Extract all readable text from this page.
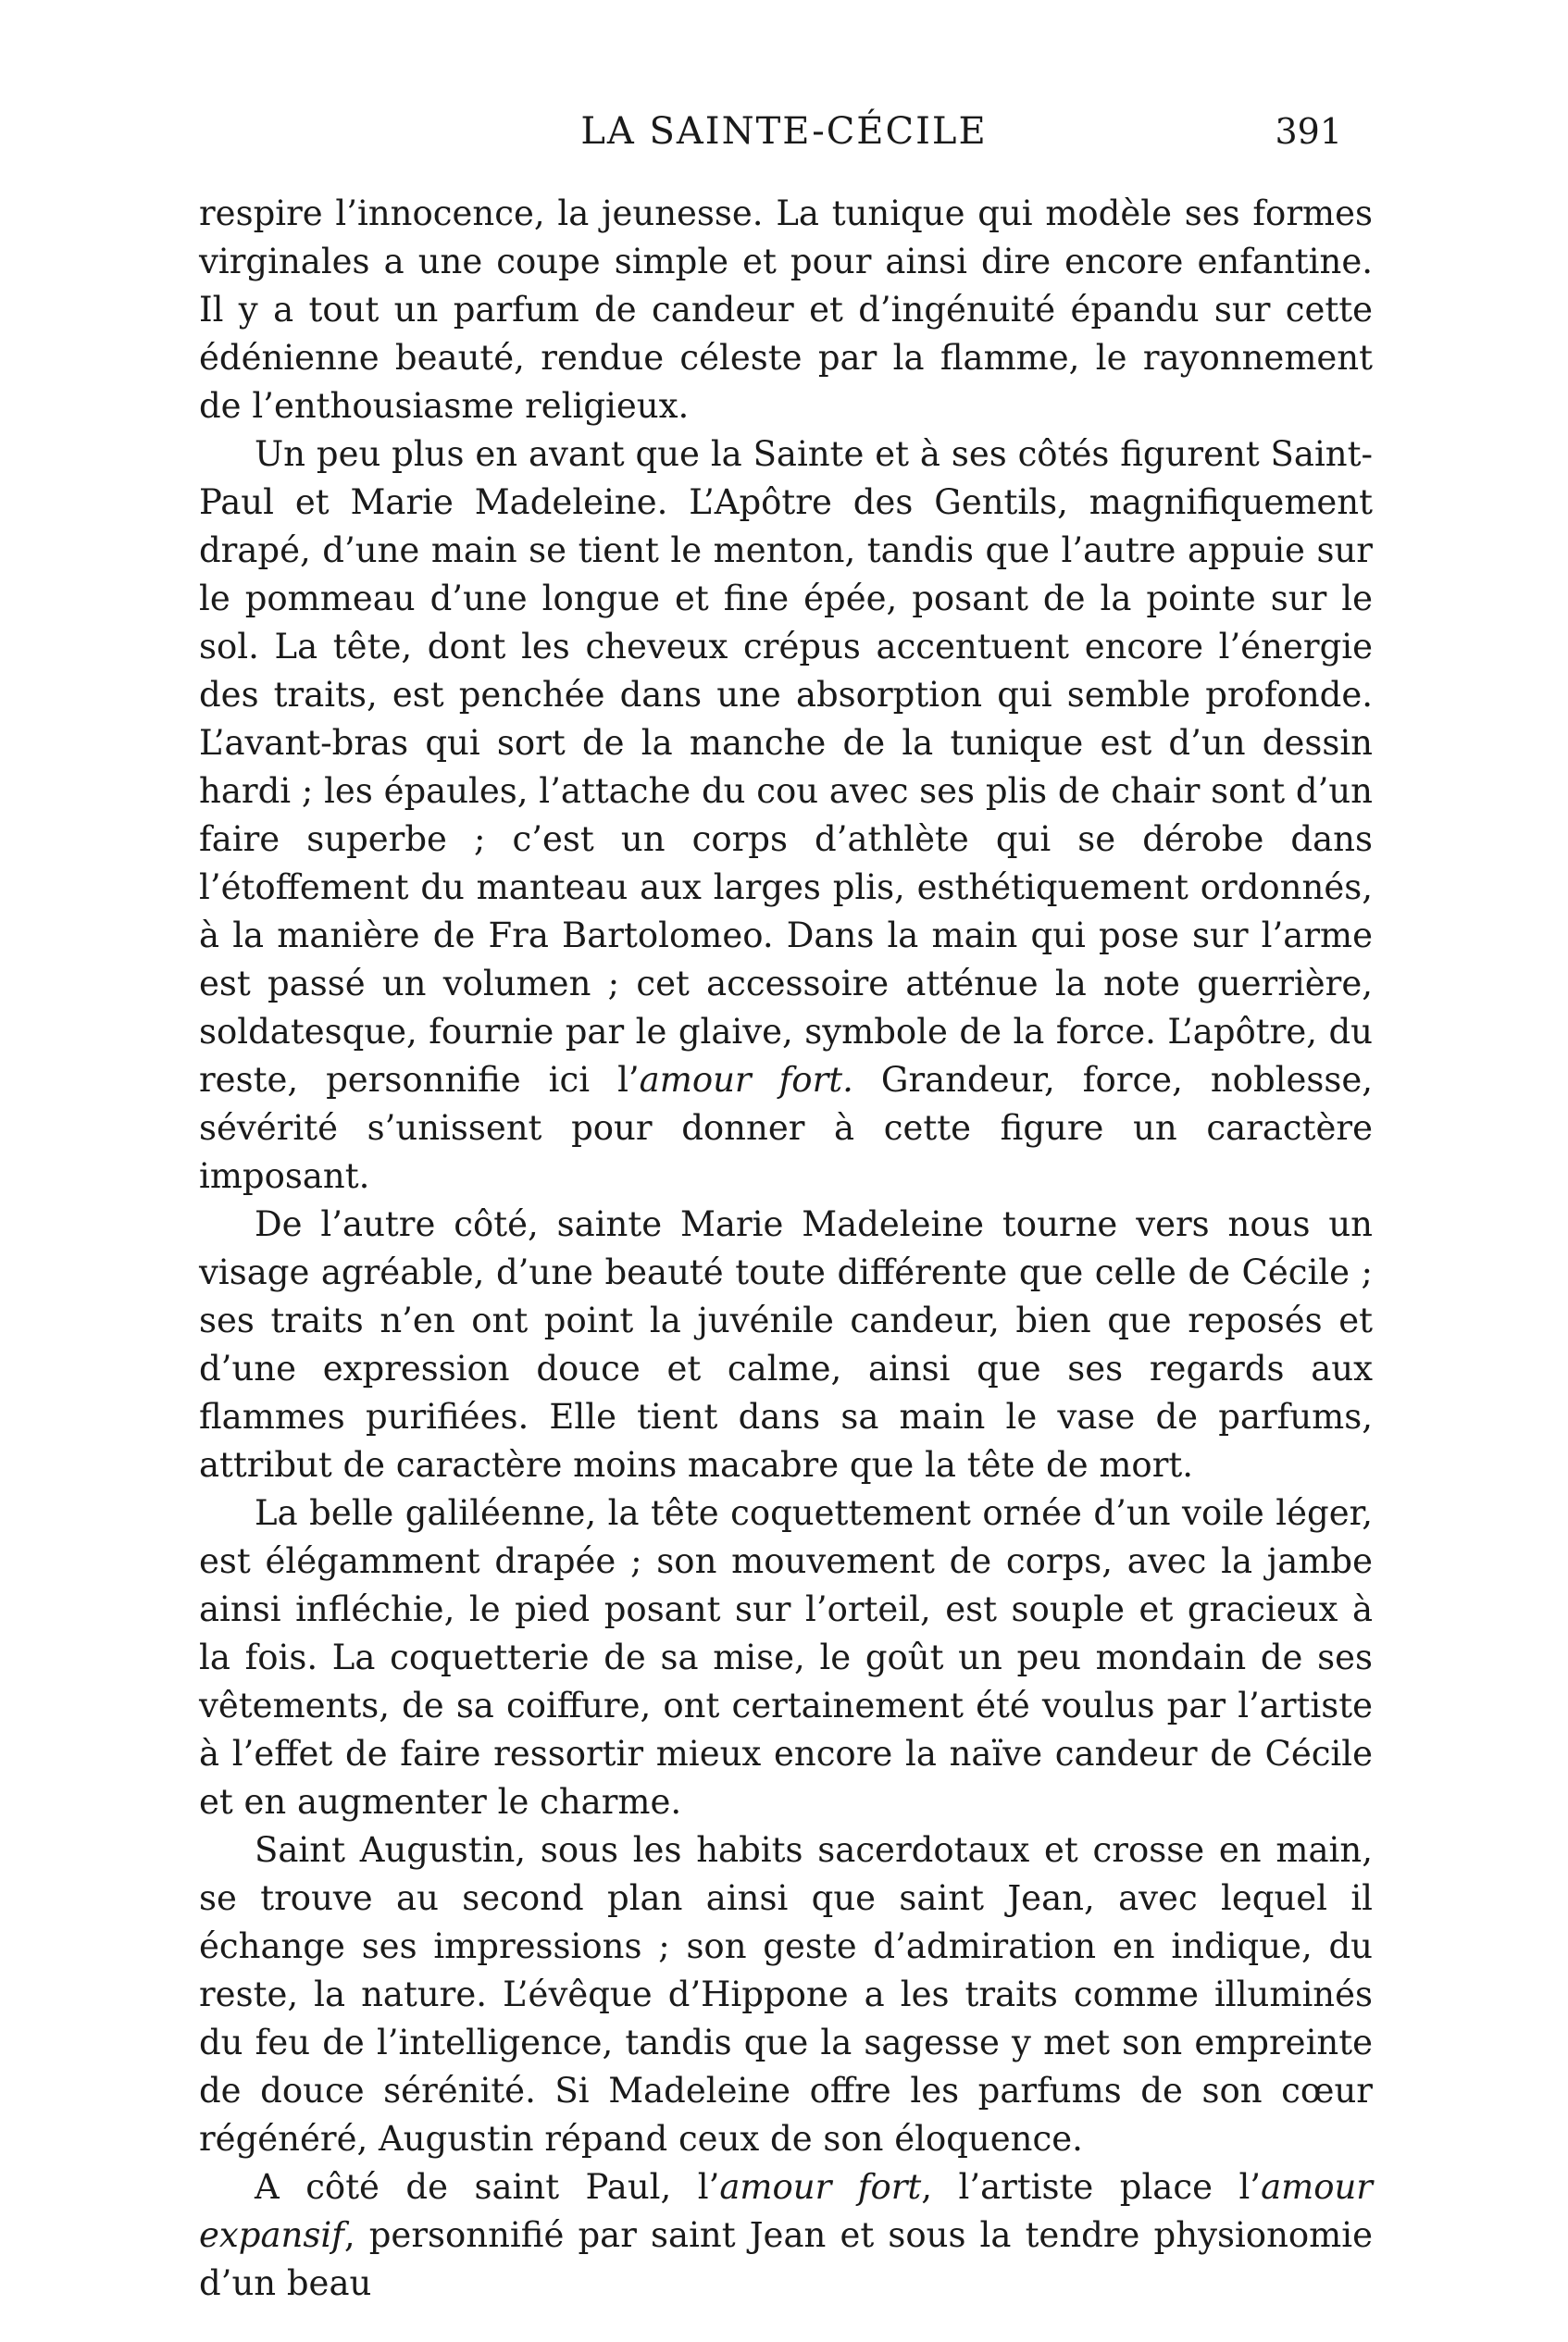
LA SAINTE-CÉCILE	391

respire l’innocence, la jeunesse. La tunique qui modèle ses formes virginales a une coupe simple et pour ainsi dire encore enfantine. Il y a tout un parfum de candeur et d’ingénuité épandu sur cette édénienne beauté, rendue céleste par la flamme, le rayonnement de l’enthousiasme religieux.

Un peu plus en avant que la Sainte et à ses côtés figurent Saint-Paul et Marie Madeleine. L’Apôtre des Gentils, magnifiquement drapé, d’une main se tient le menton, tandis que l’autre appuie sur le pommeau d’une longue et fine épée, posant de la pointe sur le sol. La tête, dont les cheveux crépus accentuent encore l’énergie des traits, est penchée dans une absorption qui semble profonde. L’avant-bras qui sort de la manche de la tunique est d’un dessin hardi ; les épaules, l’attache du cou avec ses plis de chair sont d’un faire superbe ; c’est un corps d’athlète qui se dérobe dans l’étoffement du manteau aux larges plis, esthétiquement ordonnés, à la manière de Fra Bartolomeo. Dans la main qui pose sur l’arme est passé un volumen ; cet accessoire atténue la note guerrière, soldatesque, fournie par le glaive, symbole de la force. L’apôtre, du reste, personnifie ici l’amour fort. Grandeur, force, noblesse, sévérité s’unissent pour donner à cette figure un caractère imposant.

De l’autre côté, sainte Marie Madeleine tourne vers nous un visage agréable, d’une beauté toute différente que celle de Cécile ; ses traits n’en ont point la juvénile candeur, bien que reposés et d’une expression douce et calme, ainsi que ses regards aux flammes purifiées. Elle tient dans sa main le vase de parfums, attribut de caractère moins macabre que la tête de mort.

La belle galiléenne, la tête coquettement ornée d’un voile léger, est élégamment drapée ; son mouvement de corps, avec la jambe ainsi infléchie, le pied posant sur l’orteil, est souple et gracieux à la fois. La coquetterie de sa mise, le goût un peu mondain de ses vêtements, de sa coiffure, ont certainement été voulus par l’artiste à l’effet de faire ressortir mieux encore la naïve candeur de Cécile et en augmenter le charme.

Saint Augustin, sous les habits sacerdotaux et crosse en main, se trouve au second plan ainsi que saint Jean, avec lequel il échange ses impressions ; son geste d’admiration en indique, du reste, la nature. L’évêque d’Hippone a les traits comme illuminés du feu de l’intelligence, tandis que la sagesse y met son empreinte de douce sérénité. Si Madeleine offre les parfums de son cœur régénéré, Augustin répand ceux de son éloquence.

A côté de saint Paul, l’amour fort, l’artiste place l’amour expansif, personnifié par saint Jean et sous la tendre physionomie d’un beau
